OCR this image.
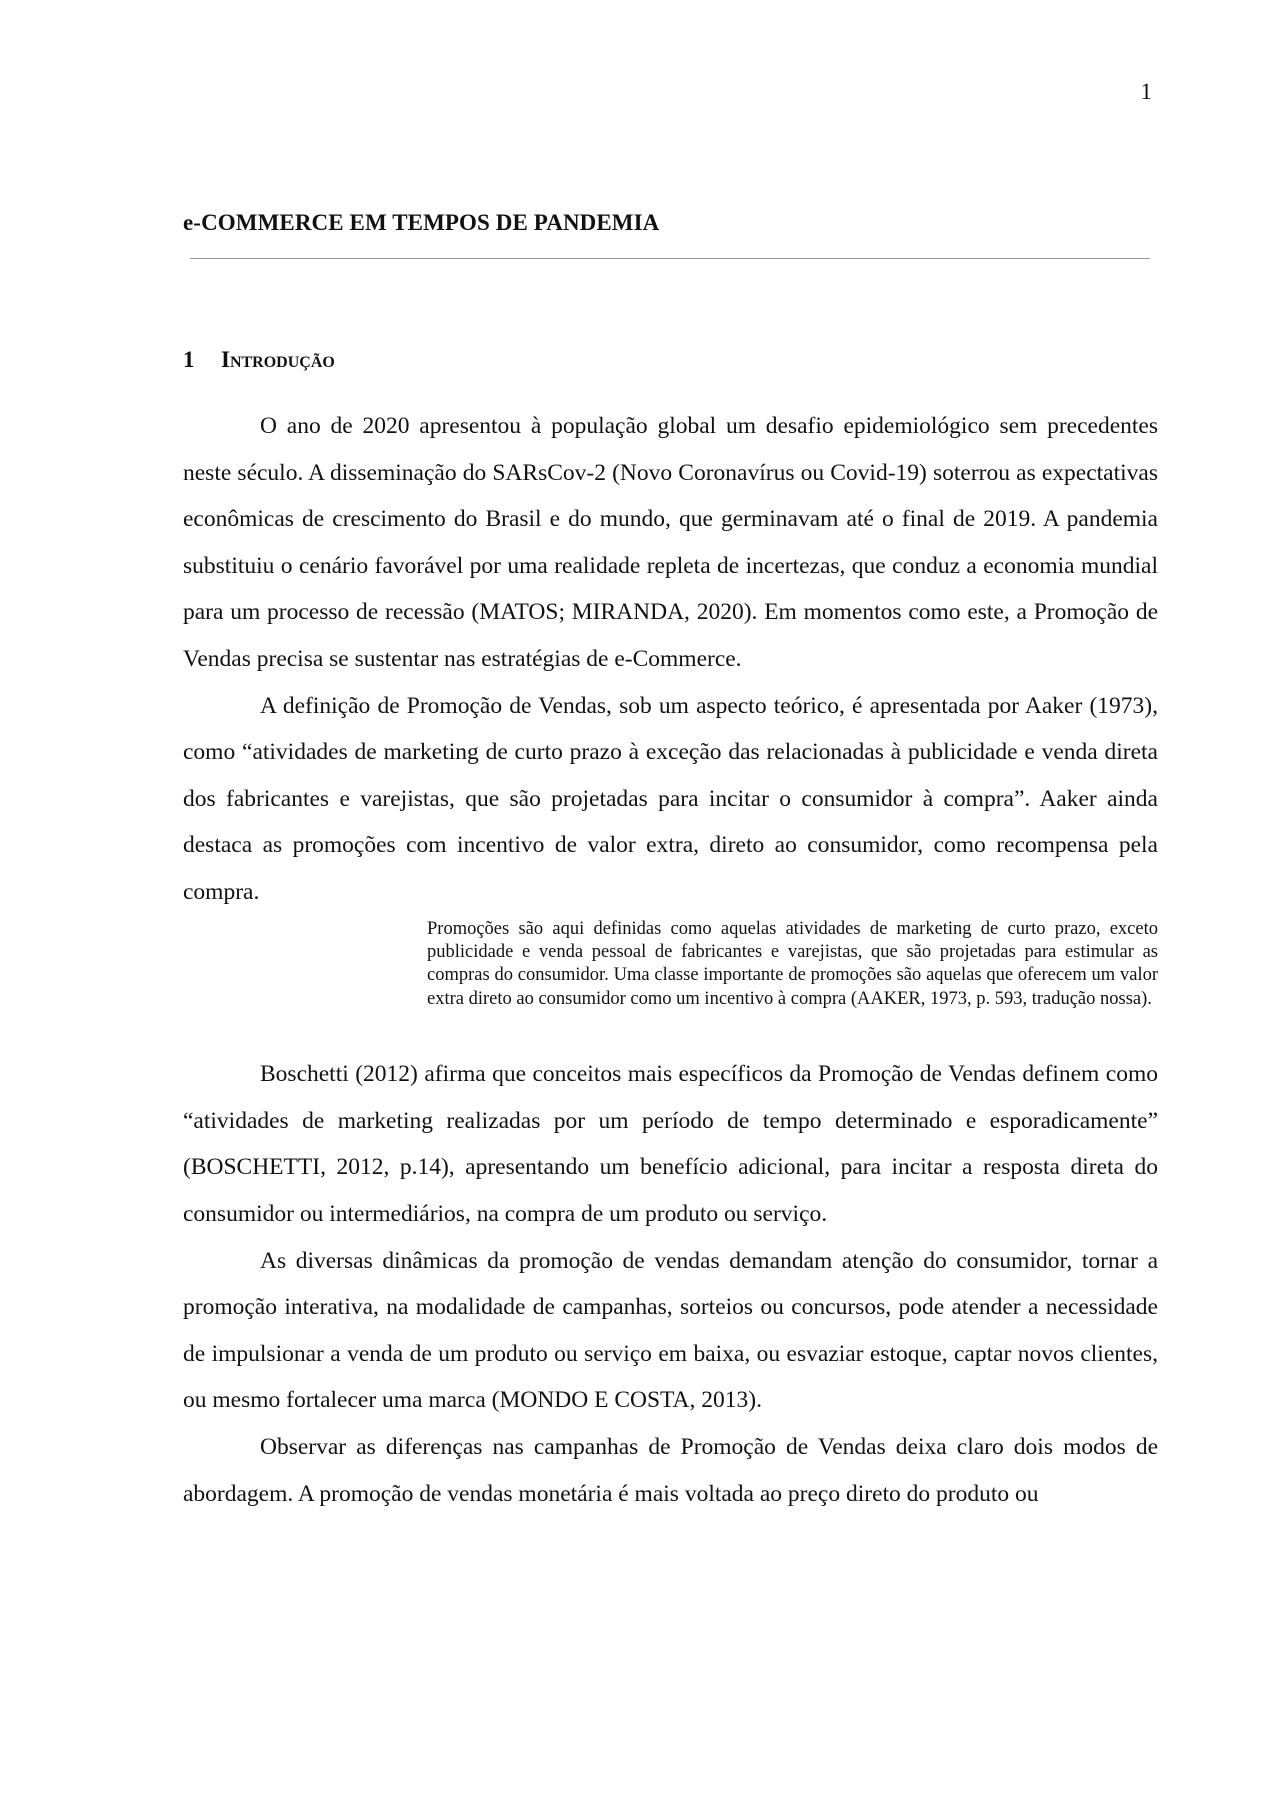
1
e-COMMERCE EM TEMPOS DE PANDEMIA
1 Introdução

O ano de 2020 apresentou à população global um desafio epidemiológico sem precedentes neste século. A disseminação do SARsCov-2 (Novo Coronavírus ou Covid-19) soterrou as expectativas econômicas de crescimento do Brasil e do mundo, que germinavam até o final de 2019. A pandemia substituiu o cenário favorável por uma realidade repleta de incertezas, que conduz a economia mundial para um processo de recessão (MATOS; MIRANDA, 2020). Em momentos como este, a Promoção de Vendas precisa se sustentar nas estratégias de e-Commerce.

A definição de Promoção de Vendas, sob um aspecto teórico, é apresentada por Aaker (1973), como “atividades de marketing de curto prazo à exceção das relacionadas à publicidade e venda direta dos fabricantes e varejistas, que são projetadas para incitar o consumidor à compra”. Aaker ainda destaca as promoções com incentivo de valor extra, direto ao consumidor, como recompensa pela compra.

Promoções são aqui definidas como aquelas atividades de marketing de curto prazo, exceto publicidade e venda pessoal de fabricantes e varejistas, que são projetadas para estimular as compras do consumidor. Uma classe importante de promoções são aquelas que oferecem um valor extra direto ao consumidor como um incentivo à compra (AAKER, 1973, p. 593, tradução nossa).

Boschetti (2012) afirma que conceitos mais específicos da Promoção de Vendas definem como “atividades de marketing realizadas por um período de tempo determinado e esporadicamente” (BOSCHETTI, 2012, p.14), apresentando um benefício adicional, para incitar a resposta direta do consumidor ou intermediários, na compra de um produto ou serviço.

As diversas dinâmicas da promoção de vendas demandam atenção do consumidor, tornar a promoção interativa, na modalidade de campanhas, sorteios ou concursos, pode atender a necessidade de impulsionar a venda de um produto ou serviço em baixa, ou esvaziar estoque, captar novos clientes, ou mesmo fortalecer uma marca (MONDO E COSTA, 2013).

Observar as diferenças nas campanhas de Promoção de Vendas deixa claro dois modos de abordagem. A promoção de vendas monetária é mais voltada ao preço direto do produto ou
